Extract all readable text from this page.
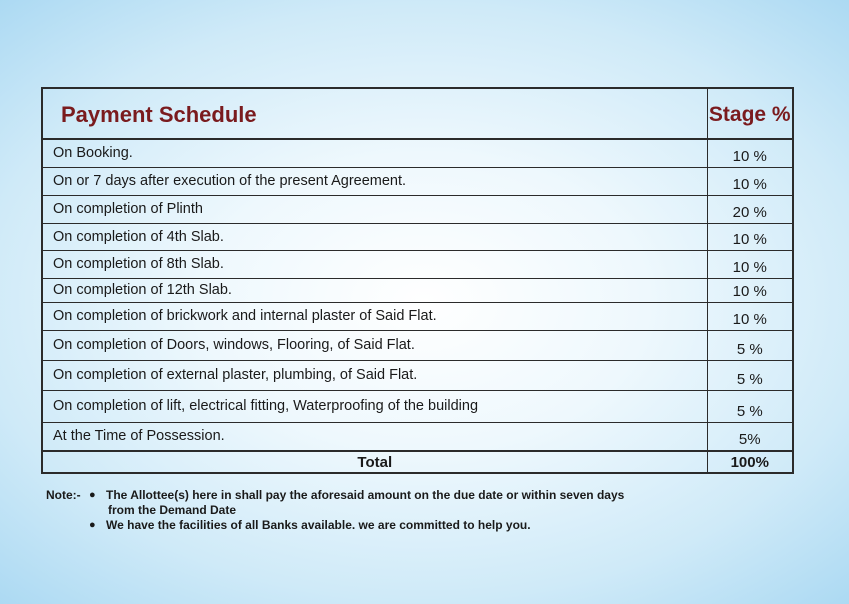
Payment Schedule	Stage %
On Booking.	10 %
On or 7 days after execution of the present Agreement.	10 %
On completion of Plinth	20 %
On completion of 4th Slab.	10 %
On completion of 8th Slab.	10 %
On completion of 12th Slab.	10 %
On completion of brickwork and internal plaster of Said Flat.	10 %
On completion of Doors, windows, Flooring, of Said Flat.	5 %
On completion of external plaster, plumbing, of Said Flat.	5 %
On completion of lift, electrical fitting, Waterproofing of the building	5 %
At the Time of Possession.	5%
Total	100%
Note:- ● The Allottee(s) here in shall pay the aforesaid amount on the due date or within seven days
from the Demand Date
● We have the facilities of all Banks available. we are committed to help you.
